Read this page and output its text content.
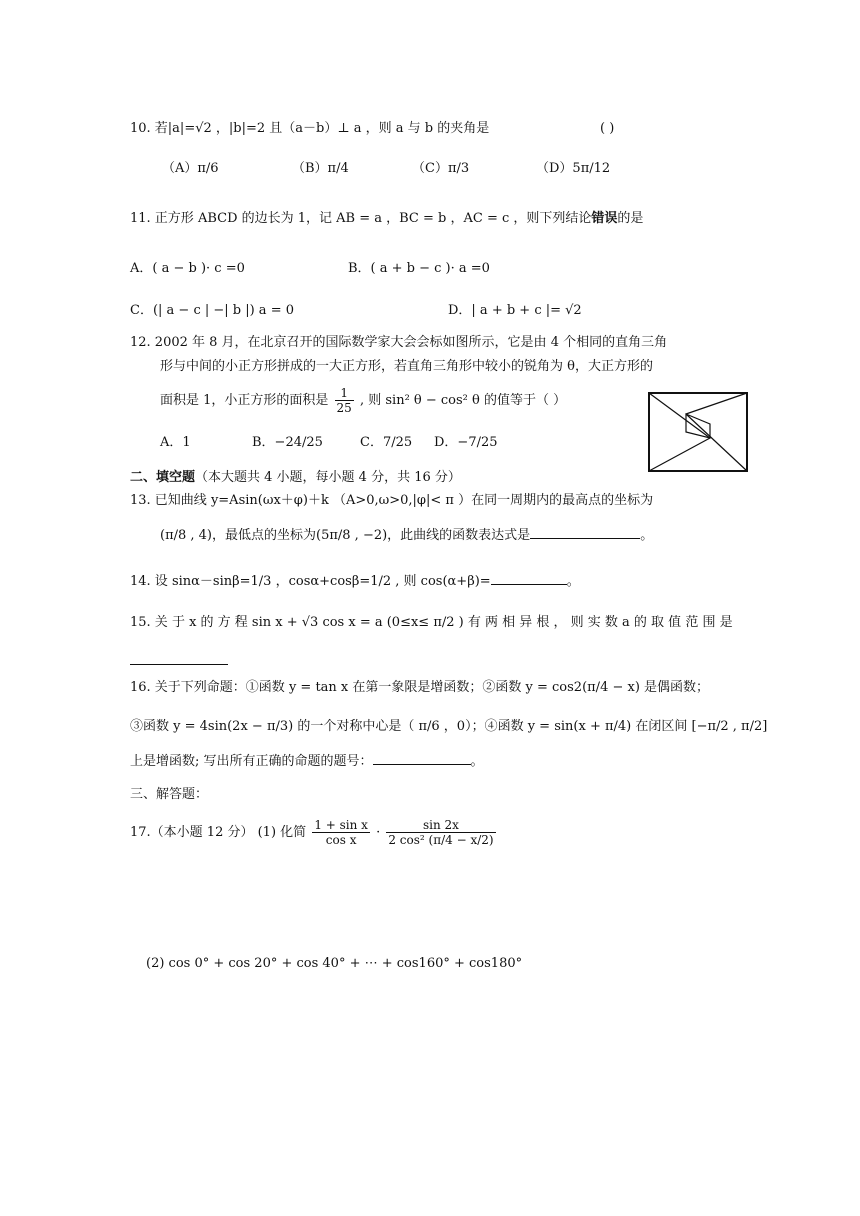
10. 若|a|=√2 ，|b|=2 且（a－b）⊥ a ，则 a 与 b 的夹角是	( )
（A）π/6	（B）π/4	（C）π/3	（D）5π/12
11. 正方形 ABCD 的边长为 1，记 AB = a ，BC = b ，AC = c ，则下列结论错误的是
A．( a − b )· c =0	B．( a + b − c )· a =0
C．(| a − c | −| b |) a = 0	D．| a + b + c |= √2
12. 2002 年 8 月，在北京召开的国际数学家大会会标如图所示，它是由 4 个相同的直角三角
形与中间的小正方形拼成的一大正方形，若直角三角形中较小的锐角为 θ，大正方形的
面积是 1，小正方形的面积是 $\frac{1}{25}$ , 则 sin² θ − cos² θ 的值等于（ ）
A．1	B．−24/25	C．7/25 D．−7/25
二、填空题（本大题共 4 小题，每小题 4 分，共 16 分）
13. 已知曲线 y=Asin(ωx＋φ)＋k （A>0,ω>0,|φ|< π ）在同一周期内的最高点的坐标为
(π/8 , 4)，最低点的坐标为(5π/8 , −2)，此曲线的函数表达式是	。
14. 设 sinα－sinβ=1/3 ，cosα+cosβ=1/2 , 则 cos(α+β)=	。
15. 关 于 x 的 方 程 sin x + √3 cos x = a (0≤x≤ π/2 ) 有 两 相 异 根 ， 则 实 数 a 的 取 值 范 围 是
16. 关于下列命题：①函数 y = tan x 在第一象限是增函数；②函数 y = cos2(π/4 − x) 是偶函数；
③函数 y = 4sin(2x − π/3) 的一个对称中心是（ π/6 ，0）；④函数 y = sin(x + π/4) 在闭区间 [−π/2 , π/2]
上是增函数; 写出所有正确的命题的题号：	。
三、解答题：
17.（本小题 12 分） (1) 化简 $\frac{\text{1 + sin x}}{\text{cos x}} \cdot \frac{\sin 2x}{\text{2 cos² (π/4 − x/2)}}$
(2) cos 0° + cos 20° + cos 40° + ⋯ + cos160° + cos180°
